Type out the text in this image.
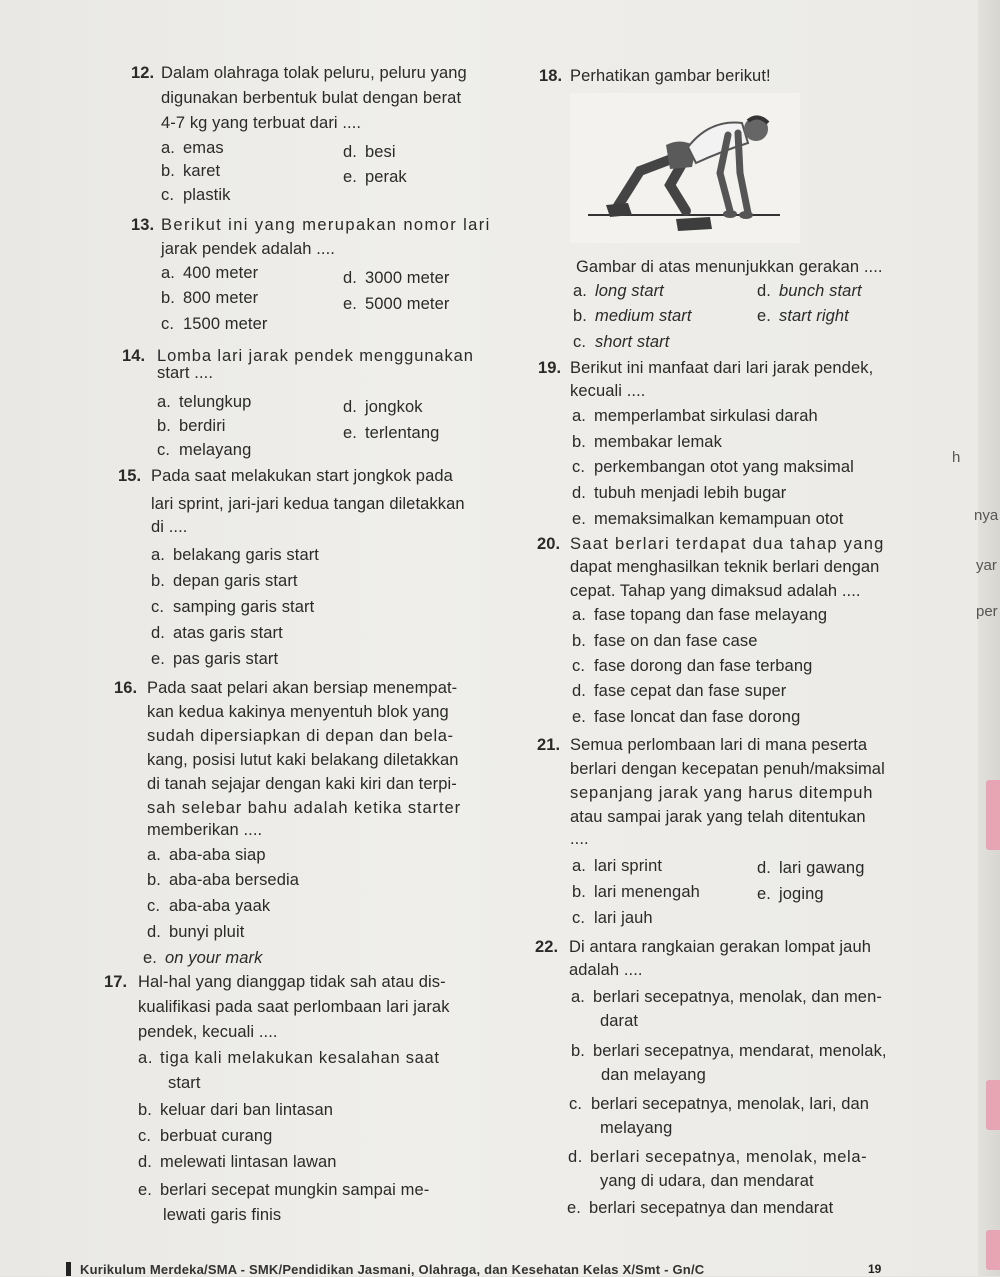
12. Dalam olahraga tolak peluru, peluru yang
digunakan berbentuk bulat dengan berat
4-7 kg yang terbuat dari ....
a. emas	d. besi
b. karet	e. perak
c. plastik
13. Berikut ini yang merupakan nomor lari
jarak pendek adalah ....
a. 400 meter	d. 3000 meter
b. 800 meter	e. 5000 meter
c. 1500 meter
14. Lomba lari jarak pendek menggunakan
start ....
a. telungkup	d. jongkok
b. berdiri	e. terlentang
c. melayang
15. Pada saat melakukan start jongkok pada
lari sprint, jari-jari kedua tangan diletakkan
di ....
a. belakang garis start
b. depan garis start
c. samping garis start
d. atas garis start
e. pas garis start
16. Pada saat pelari akan bersiap menempat-
kan kedua kakinya menyentuh blok yang
sudah dipersiapkan di depan dan bela-
kang, posisi lutut kaki belakang diletakkan
di tanah sejajar dengan kaki kiri dan terpi-
sah selebar bahu adalah ketika starter
memberikan ....
a. aba-aba siap
b. aba-aba bersedia
c. aba-aba yaak
d. bunyi pluit
e. on your mark
17. Hal-hal yang dianggap tidak sah atau dis-
kualifikasi pada saat perlombaan lari jarak
pendek, kecuali ....
a. tiga kali melakukan kesalahan saat
start
b. keluar dari ban lintasan
c. berbuat curang
d. melewati lintasan lawan
e. berlari secepat mungkin sampai me-
lewati garis finis
18. Perhatikan gambar berikut!
Gambar di atas menunjukkan gerakan ....
a. long start	d. bunch start
b. medium start	e. start right
c. short start
19. Berikut ini manfaat dari lari jarak pendek,
kecuali ....
a. memperlambat sirkulasi darah
b. membakar lemak
c. perkembangan otot yang maksimal
d. tubuh menjadi lebih bugar
e. memaksimalkan kemampuan otot
20. Saat berlari terdapat dua tahap yang
dapat menghasilkan teknik berlari dengan
cepat. Tahap yang dimaksud adalah ....
a. fase topang dan fase melayang
b. fase on dan fase case
c. fase dorong dan fase terbang
d. fase cepat dan fase super
e. fase loncat dan fase dorong
21. Semua perlombaan lari di mana peserta
berlari dengan kecepatan penuh/maksimal
sepanjang jarak yang harus ditempuh
atau sampai jarak yang telah ditentukan
....
a. lari sprint	d. lari gawang
b. lari menengah	e. joging
c. lari jauh
22. Di antara rangkaian gerakan lompat jauh
adalah ....
a. berlari secepatnya, menolak, dan men-
darat
b. berlari secepatnya, mendarat, menolak,
dan melayang
c. berlari secepatnya, menolak, lari, dan
melayang
d. berlari secepatnya, menolak, mela-
yang di udara, dan mendarat
e. berlari secepatnya dan mendarat
h
nya
yar
per
Kurikulum Merdeka/SMA - SMK/Pendidikan Jasmani, Olahraga, dan Kesehatan Kelas X/Smt - Gn/C	19
